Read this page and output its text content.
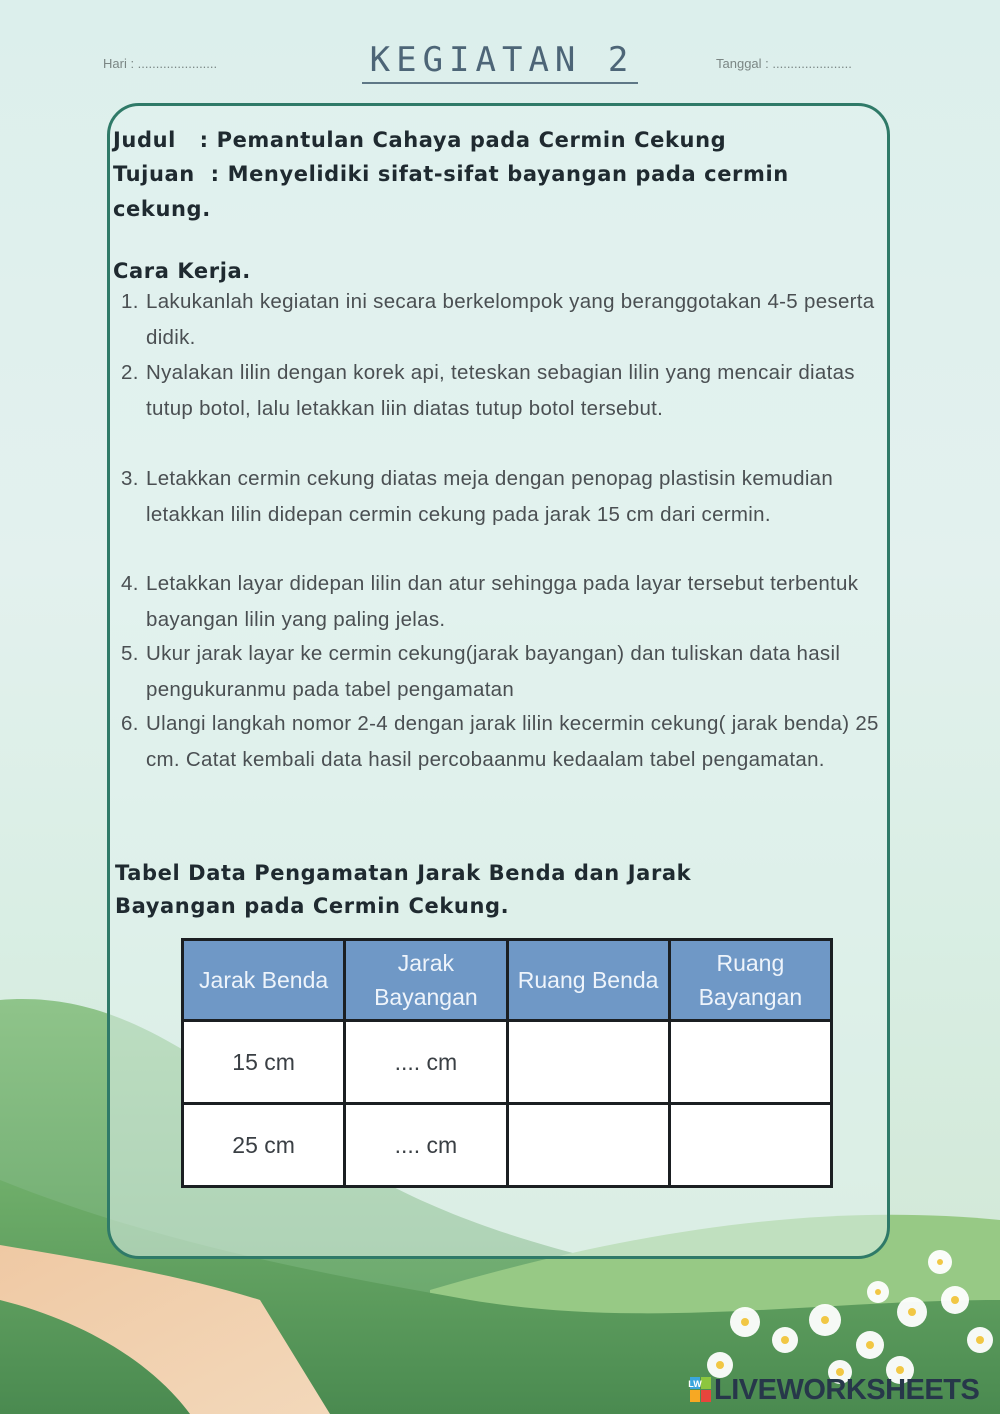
Hari : ......................	KEGIATAN 2	Tanggal : ......................
Judul   : Pemantulan Cahaya pada Cermin Cekung
Tujuan  : Menyelidiki sifat-sifat bayangan pada cermin
cekung.
Cara Kerja.
1. Lakukanlah kegiatan ini secara berkelompok yang beranggotakan 4-5 peserta didik.
2. Nyalakan lilin dengan korek api, teteskan sebagian lilin yang mencair diatas tutup botol, lalu letakkan liin diatas tutup botol tersebut.
3. Letakkan cermin cekung diatas meja dengan penopag plastisin kemudian letakkan lilin didepan cermin cekung pada jarak 15 cm dari cermin.
4. Letakkan layar didepan lilin dan atur sehingga pada layar tersebut terbentuk bayangan lilin yang paling jelas.
5. Ukur jarak layar ke cermin cekung(jarak bayangan) dan tuliskan data hasil pengukuranmu pada tabel pengamatan
6. Ulangi langkah nomor 2-4 dengan jarak lilin kecermin cekung( jarak benda) 25 cm. Catat kembali data hasil percobaanmu kedaalam tabel pengamatan.
Tabel Data Pengamatan Jarak Benda dan Jarak
Bayangan pada Cermin Cekung.
Jarak Benda	Jarak Bayangan	Ruang Benda	Ruang Bayangan
15 cm	.... cm		
25 cm	.... cm		
LW LIVEWORKSHEETS
